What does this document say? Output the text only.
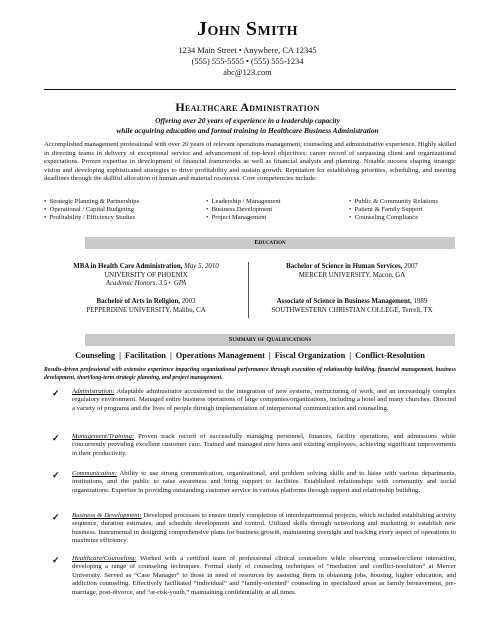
John Smith
1234 Main Street • Anywhere, CA 12345
(555) 555-5555 • (555) 555-1234
abc@123.com
Healthcare Administration
Offering over 20 years of experience in a leadership capacity
while acquiring education and formal training in Healthcare Business Administration
Accomplished management professional with over 20 years of relevant operations management, counseling and administrative experience. Highly skilled in directing teams in delivery of exceptional service and advancement of top-level objectives; career record of surpassing client and organizational expectations. Proven expertise in development of financial frameworks as well as financial analysis and planning. Notable success shaping strategic vision and developing sophisticated strategies to drive profitability and sustain growth. Reputation for establishing priorities, scheduling, and meeting deadlines through the skillful allocation of human and material resources. Core competencies include:
•  Strategic Planning & Partnerships
•  Operational / Capital Budgeting
•  Profitability / Efficiency Studies
•  Leadership / Management
•  Business Development
•  Project Management
•  Public & Community Relations
•  Patient & Family Support
•  Counseling Compliance
Education
MBA in Health Care Administration, May 5, 2010
UNIVERSITY OF PHOENIX
Academic Honors, 3.5+ GPA
Bachelor of Arts in Religion, 2003
PEPPERDINE UNIVERSITY, Malibu, CA
Bachelor of Science in Human Services, 2007
MERCER UNIVERSITY, Macon, GA
Associate of Science in Business Management, 1989
SOUTHWESTERN CHRISTIAN COLLEGE, Terrell, TX
Summary of Qualifications
Counseling | Facilitation | Operations Management | Fiscal Organization | Conflict-Resolution
Results-driven professional with extensive experience impacting organizational performance through execution of relationship building, financial management, business development, short/long-term strategic planning, and project management.
✓ Administration: Adaptable administrator accustomed to the integration of new systems, restructuring of work, and an increasingly complex regulatory environment. Managed entire business operations of large companies/organizations, including a hotel and many churches. Directed a variety of programs and the lives of people through implementation of interpersonal communication and counseling.
✓ Management/Training: Proven track record of successfully managing personnel, finances, facility operations, and admissions while concurrently providing excellent customer care. Trained and managed new hires and existing employees, achieving significant improvements in their productivity.
✓ Communication: Ability to use strong communication, organizational, and problem solving skills and to liaise with various departments, institutions, and the public to raise awareness and bring support to facilities. Established relationships with community and social organizations. Expertise in providing outstanding customer service in various platforms through rapport and relationship building.
✓ Business & Development: Developed processes to ensure timely completion of interdepartmental projects, which included establishing activity sequence, duration estimates, and schedule development and control. Utilized skills through networking and marketing to establish new business. Instrumental in designing comprehensive plans for business growth, maintaining oversight and tracking every aspect of operations to maximize efficiency.
✓ Healthcare/Counseling: Worked with a certified team of professional clinical counselors while observing counselor/client interaction, developing a range of counseling techniques. Formal study of counseling techniques of “mediation and conflict-resolution” at Mercer University. Served as “Case Manager” to those in need of resources by assisting them in obtaining jobs, housing, higher education, and addiction counseling. Effectively facilitated “individual” and “family-oriented” counseling in specialized areas as family bereavement, pre-marriage, post-divorce, and “at-risk-youth,” maintaining confidentiality at all times.
